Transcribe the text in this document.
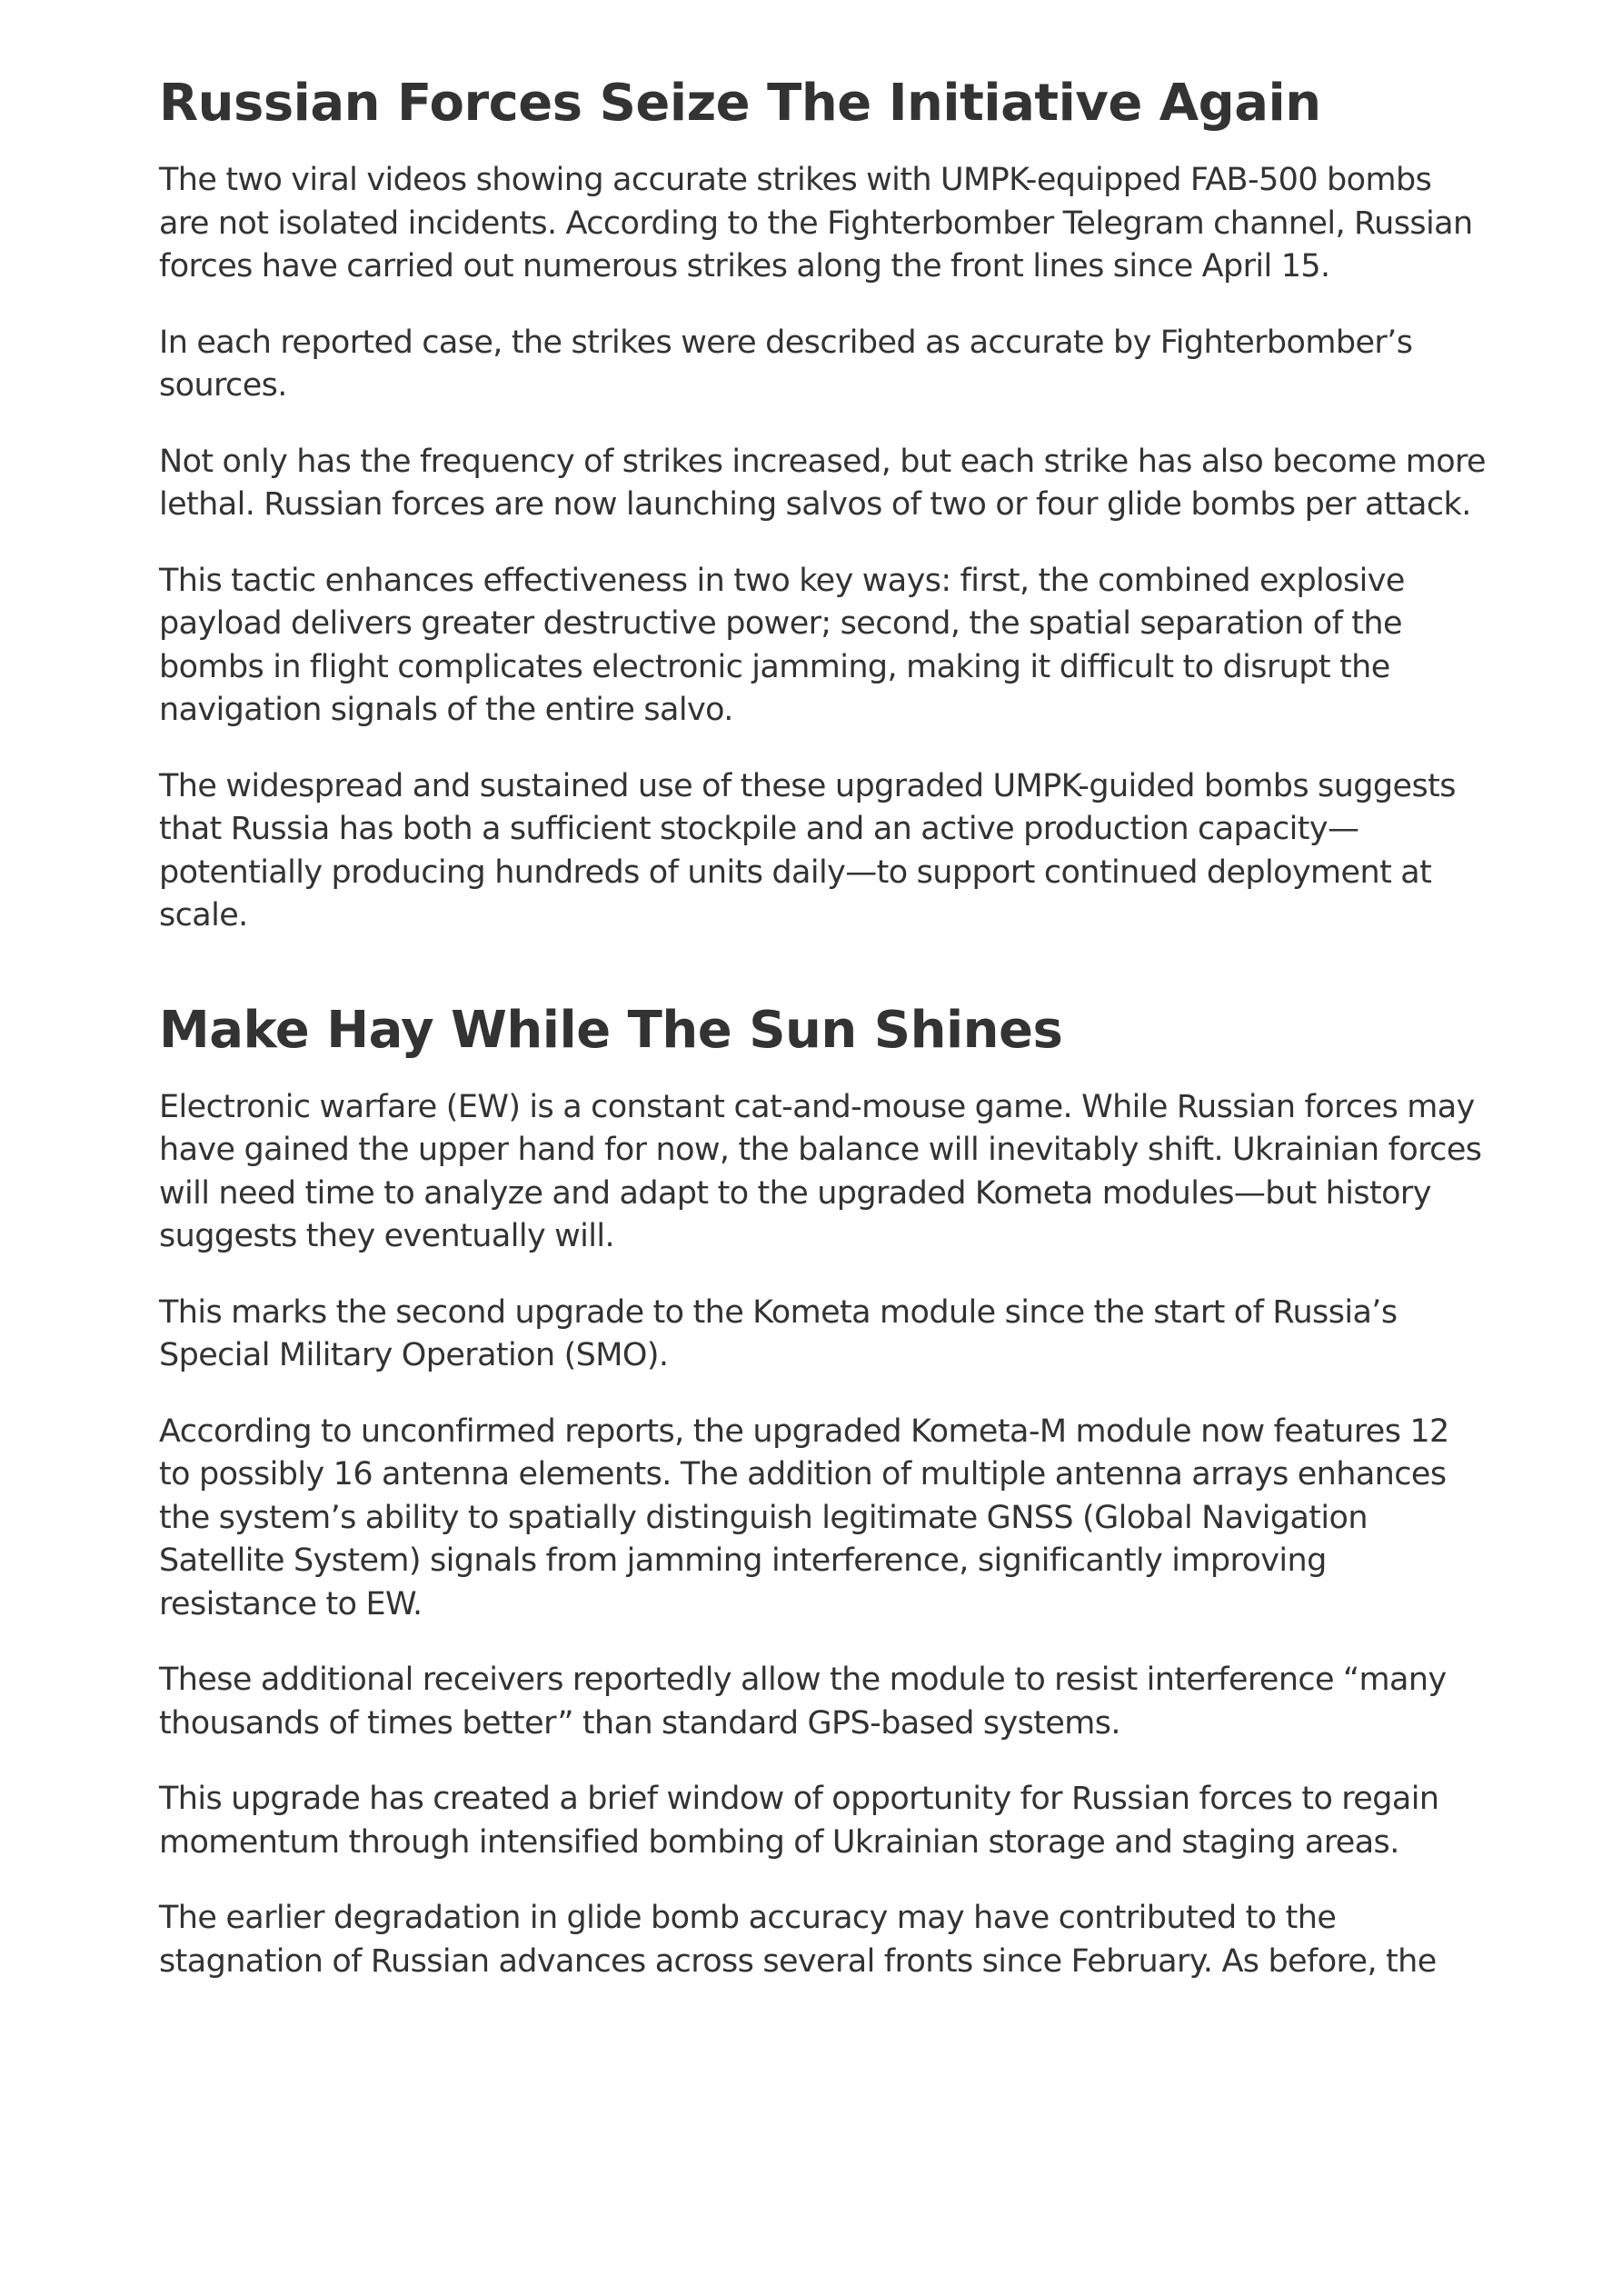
Russian Forces Seize The Initiative Again

The two viral videos showing accurate strikes with UMPK-equipped FAB-500 bombs are not isolated incidents. According to the Fighterbomber Telegram channel, Russian forces have carried out numerous strikes along the front lines since April 15.

In each reported case, the strikes were described as accurate by Fighterbomber’s sources.

Not only has the frequency of strikes increased, but each strike has also become more lethal. Russian forces are now launching salvos of two or four glide bombs per attack.

This tactic enhances effectiveness in two key ways: first, the combined explosive payload delivers greater destructive power; second, the spatial separation of the bombs in flight complicates electronic jamming, making it difficult to disrupt the navigation signals of the entire salvo.

The widespread and sustained use of these upgraded UMPK-guided bombs suggests that Russia has both a sufficient stockpile and an active production capacity—potentially producing hundreds of units daily—to support continued deployment at scale.

Make Hay While The Sun Shines

Electronic warfare (EW) is a constant cat-and-mouse game. While Russian forces may have gained the upper hand for now, the balance will inevitably shift. Ukrainian forces will need time to analyze and adapt to the upgraded Kometa modules—but history suggests they eventually will.

This marks the second upgrade to the Kometa module since the start of Russia’s Special Military Operation (SMO).

According to unconfirmed reports, the upgraded Kometa-M module now features 12 to possibly 16 antenna elements. The addition of multiple antenna arrays enhances the system’s ability to spatially distinguish legitimate GNSS (Global Navigation Satellite System) signals from jamming interference, significantly improving resistance to EW.

These additional receivers reportedly allow the module to resist interference “many thousands of times better” than standard GPS-based systems.

This upgrade has created a brief window of opportunity for Russian forces to regain momentum through intensified bombing of Ukrainian storage and staging areas.

The earlier degradation in glide bomb accuracy may have contributed to the stagnation of Russian advances across several fronts since February. As before, the
